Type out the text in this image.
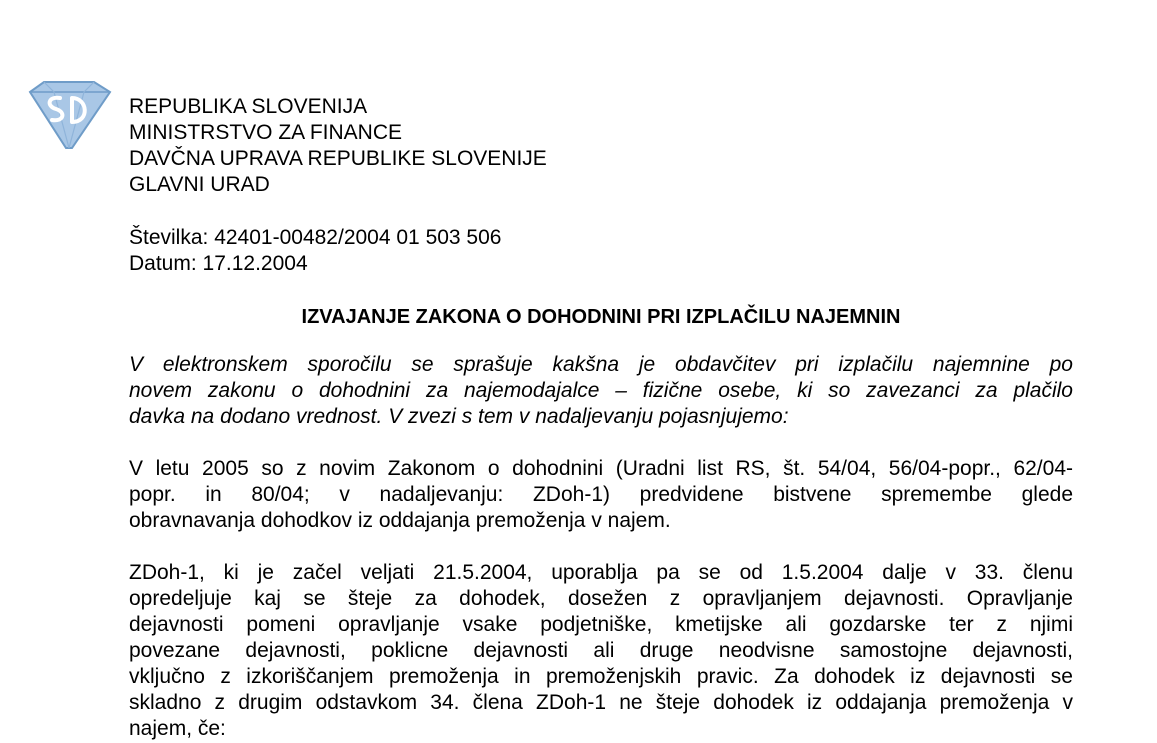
REPUBLIKA SLOVENIJA
MINISTRSTVO ZA FINANCE
DAVČNA UPRAVA REPUBLIKE SLOVENIJE
GLAVNI URAD
Številka: 42401-00482/2004 01 503 506
Datum: 17.12.2004
IZVAJANJE ZAKONA O DOHODNINI PRI IZPLAČILU NAJEMNIN
V elektronskem sporočilu se sprašuje kakšna je obdavčitev pri izplačilu najemnine po
novem zakonu o dohodnini za najemodajalce – fizične osebe, ki so zavezanci za plačilo
davka na dodano vrednost. V zvezi s tem v nadaljevanju pojasnjujemo:
V letu 2005 so z novim Zakonom o dohodnini (Uradni list RS, št. 54/04, 56/04-popr., 62/04-
popr. in 80/04; v nadaljevanju: ZDoh-1) predvidene bistvene spremembe glede
obravnavanja dohodkov iz oddajanja premoženja v najem.
ZDoh-1, ki je začel veljati 21.5.2004, uporablja pa se od 1.5.2004 dalje v 33. členu
opredeljuje kaj se šteje za dohodek, dosežen z opravljanjem dejavnosti. Opravljanje
dejavnosti pomeni opravljanje vsake podjetniške, kmetijske ali gozdarske ter z njimi
povezane dejavnosti, poklicne dejavnosti ali druge neodvisne samostojne dejavnosti,
vključno z izkoriščanjem premoženja in premoženjskih pravic. Za dohodek iz dejavnosti se
skladno z drugim odstavkom 34. člena ZDoh-1 ne šteje dohodek iz oddajanja premoženja v
najem, če:
